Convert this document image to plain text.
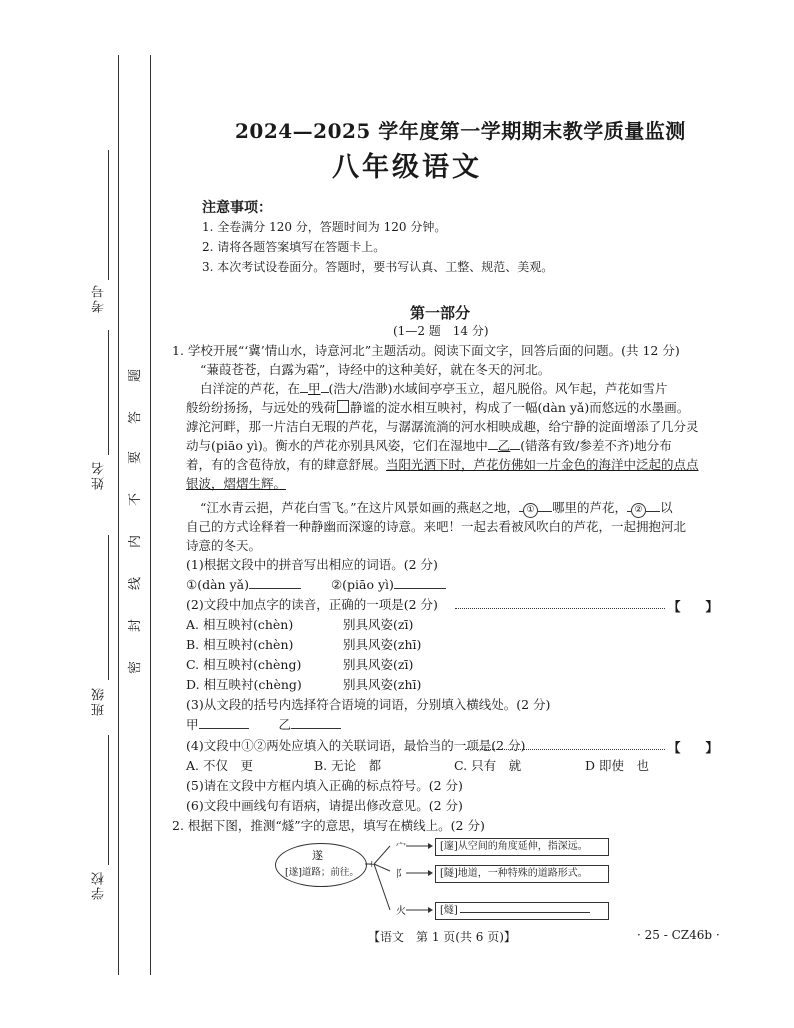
考号
姓名
班级
学校
题
答
要
不
内
线
封
密
2024—2025 学年度第一学期期末教学质量监测
八年级语文
注意事项：
1. 全卷满分 120 分，答题时间为 120 分钟。
2. 请将各题答案填写在答题卡上。
3. 本次考试设卷面分。答题时，要书写认真、工整、规范、美观。
第一部分
(1—2 题　14 分)
1. 学校开展“‘冀’情山水，诗意河北”主题活动。阅读下面文字，回答后面的问题。(共 12 分)
“蒹葭苍苍，白露为霜”，诗经中的这种美好，就在冬天的河北。
白洋淀的芦花，在 甲 (浩大/浩渺)水域间亭亭玉立，超凡脱俗。风乍起，芦花如雪片
般纷纷扬扬，与远处的残荷 静谧的淀水相互映衬，构成了一幅(dàn yǎ)而悠远的水墨画。
滹沱河畔，那一片洁白无瑕的芦花，与潺潺流淌的河水相映成趣，给宁静的淀面增添了几分灵
动与(piāo yì)。衡水的芦花亦别具风姿，它们在湿地中 乙 (错落有致/参差不齐)地分布
着，有的含苞待放，有的肆意舒展。当阳光洒下时，芦花仿佛如一片金色的海洋中泛起的点点
银波，熠熠生辉。
“江水青云挹，芦花白雪飞。”在这片风景如画的燕赵之地， ① 哪里的芦花， ② 以
自己的方式诠释着一种静幽而深邃的诗意。来吧！一起去看被风吹白的芦花，一起拥抱河北
诗意的冬天。
(1)根据文段中的拼音写出相应的词语。(2 分)
①(dàn yǎ)	②(piāo yì)
(2)文段中加点字的读音，正确的一项是(2 分)	【　　】
A. 相互映衬(chèn)	别具风姿(zī)
B. 相互映衬(chèn)	别具风姿(zhī)
C. 相互映衬(chèng)	别具风姿(zī)
D. 相互映衬(chèng)	别具风姿(zhī)
(3)从文段的括号内选择符合语境的词语，分别填入横线处。(2 分)
甲	乙
(4)文段中①②两处应填入的关联词语，最恰当的一项是(2 分)	【　　】
A. 不仅　更	B. 无论　都	C. 只有　就	D 即使　也
(5)请在文段中方框内填入正确的标点符号。(2 分)
(6)文段中画线句有语病，请提出修改意见。(2 分)
2. 根据下图，推测“燧”字的意思，填写在横线上。(2 分)
遂
[遂]道路；前往。
+
宀
阝
火
[邃]从空间的角度延伸，指深远。
[隧]地道，一种特殊的道路形式。
[燧]
【语文　第 1 页(共 6 页)】	· 25 - CZ46b ·
